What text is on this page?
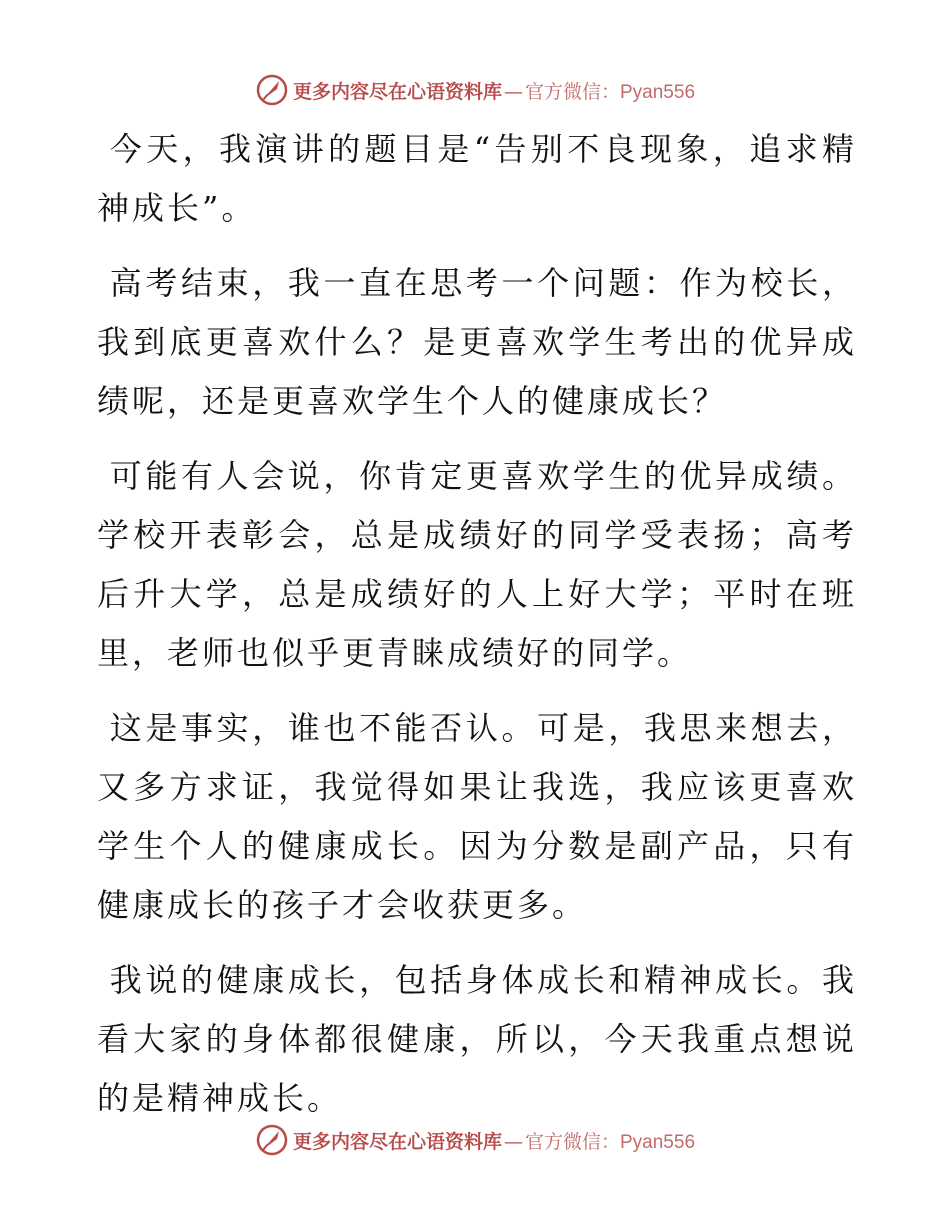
更多内容尽在心语资料库 — 官方微信： Pyan556

今天，我演讲的题目是“告别不良现象，追求精神成长”。

高考结束，我一直在思考一个问题：作为校长，我到底更喜欢什么？是更喜欢学生考出的优异成绩呢，还是更喜欢学生个人的健康成长？

可能有人会说，你肯定更喜欢学生的优异成绩。学校开表彰会，总是成绩好的同学受表扬；高考后升大学，总是成绩好的人上好大学；平时在班里，老师也似乎更青睐成绩好的同学。

这是事实，谁也不能否认。可是，我思来想去，又多方求证，我觉得如果让我选，我应该更喜欢学生个人的健康成长。因为分数是副产品，只有健康成长的孩子才会收获更多。

我说的健康成长，包括身体成长和精神成长。我看大家的身体都很健康，所以，今天我重点想说的是精神成长。

更多内容尽在心语资料库 — 官方微信： Pyan556
